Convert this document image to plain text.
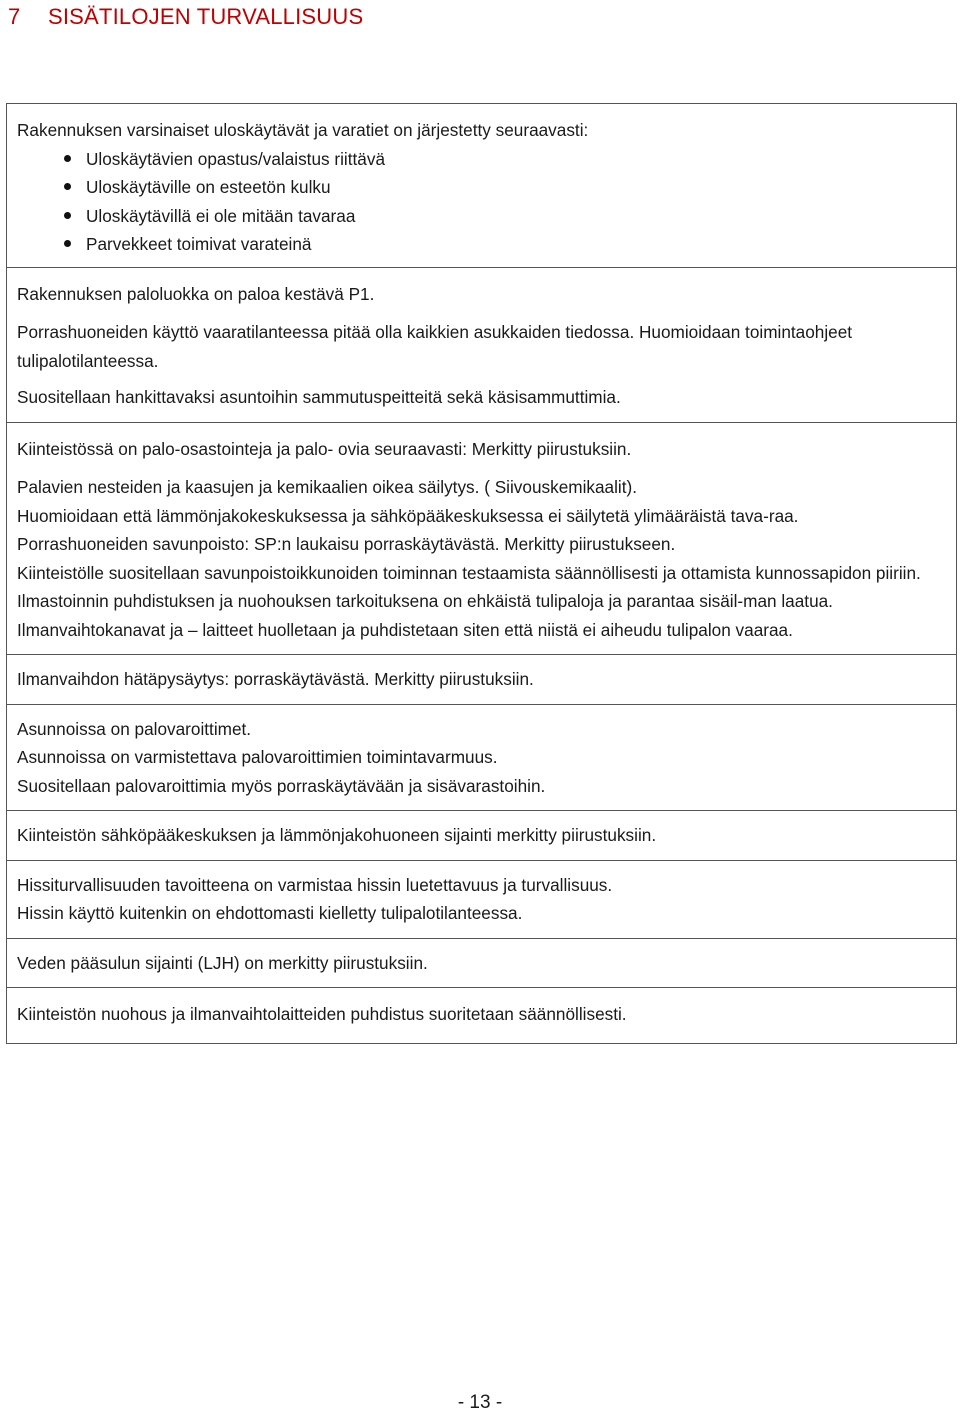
7 SISÄTILOJEN TURVALLISUUS

Rakennuksen varsinaiset uloskäytävät ja varatiet on järjestetty seuraavasti:

Uloskäytävien opastus/valaistus riittävä
Uloskäytäville on esteetön kulku
Uloskäytävillä ei ole mitään tavaraa
Parvekkeet toimivat varateinä

Rakennuksen paloluokka on paloa kestävä P1.

Porrashuoneiden käyttö vaaratilanteessa pitää olla kaikkien asukkaiden tiedossa. Huomioidaan toimintaohjeet tulipalotilanteessa.

Suositellaan hankittavaksi asuntoihin sammutuspeitteitä sekä käsisammuttimia.

Kiinteistössä on palo-osastointeja ja palo- ovia seuraavasti: Merkitty piirustuksiin.

Palavien nesteiden ja kaasujen ja kemikaalien oikea säilytys. ( Siivouskemikaalit).

Huomioidaan että lämmönjakokeskuksessa ja sähköpääkeskuksessa ei säilytetä ylimääräistä tava-raa.

Porrashuoneiden savunpoisto: SP:n laukaisu porraskäytävästä. Merkitty piirustukseen.

Kiinteistölle suositellaan savunpoistoikkunoiden toiminnan testaamista säännöllisesti ja ottamista kunnossapidon piiriin.

Ilmastoinnin puhdistuksen ja nuohouksen tarkoituksena on ehkäistä tulipaloja ja parantaa sisäil-man laatua. Ilmanvaihtokanavat ja – laitteet huolletaan ja puhdistetaan siten että niistä ei aiheudu tulipalon vaaraa.

Ilmanvaihdon hätäpysäytys: porraskäytävästä. Merkitty piirustuksiin.

Asunnoissa on palovaroittimet.

Asunnoissa on varmistettava palovaroittimien toimintavarmuus.

Suositellaan palovaroittimia myös porraskäytävään ja sisävarastoihin.

Kiinteistön sähköpääkeskuksen ja lämmönjakohuoneen sijainti merkitty piirustuksiin.

Hissiturvallisuuden tavoitteena on varmistaa hissin luetettavuus ja turvallisuus.

Hissin käyttö kuitenkin on ehdottomasti kielletty tulipalotilanteessa.

Veden pääsulun sijainti (LJH) on merkitty piirustuksiin.

Kiinteistön nuohous ja ilmanvaihtolaitteiden puhdistus suoritetaan säännöllisesti.

- 13 -
